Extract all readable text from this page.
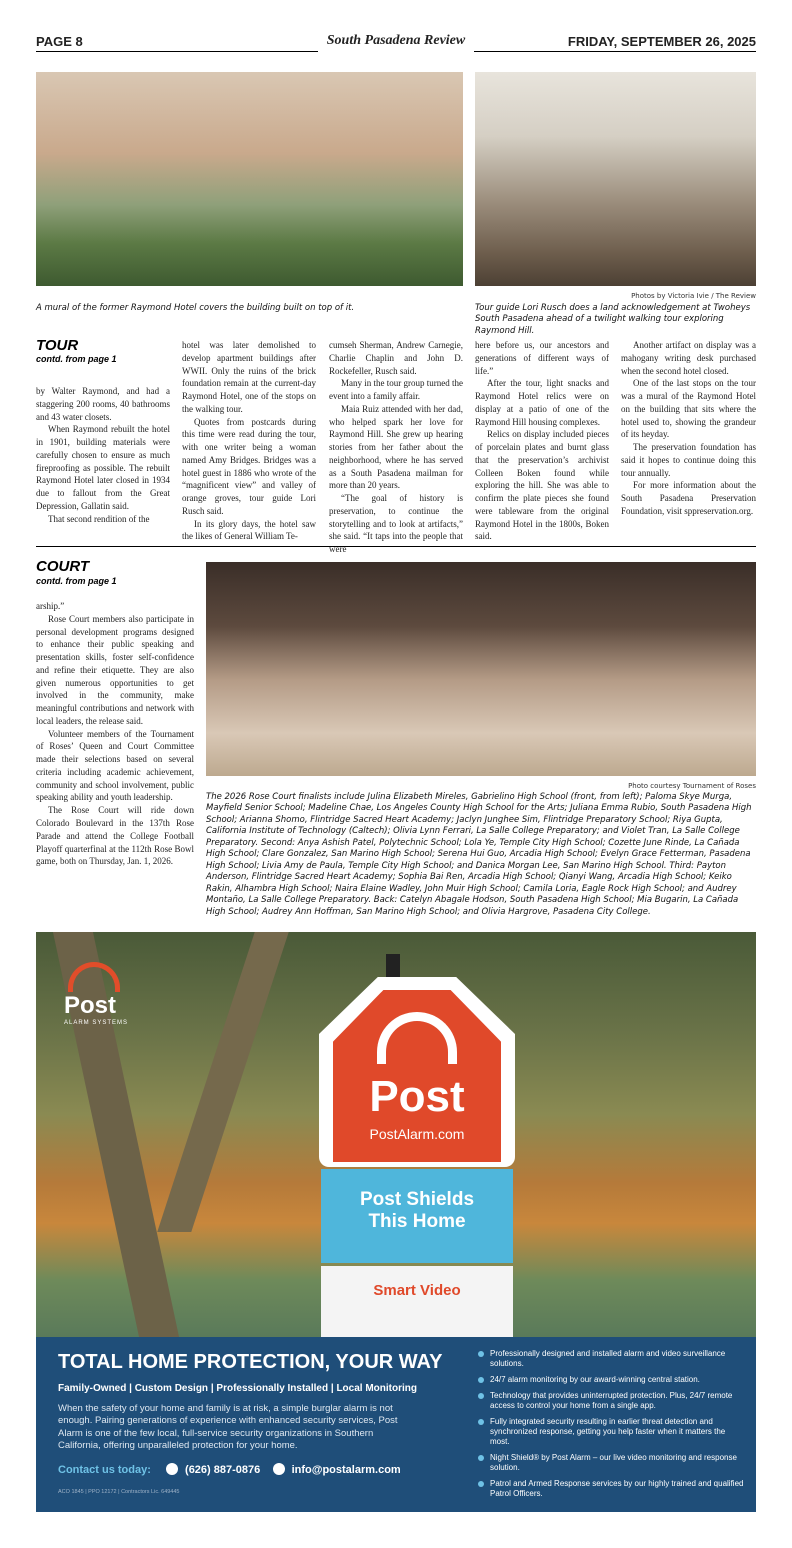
PAGE 8	South Pasadena Review	FRIDAY, SEPTEMBER 26, 2025
A mural of the former Raymond Hotel covers the building built on top of it.
Photos by Victoria Ivie / The Review
Tour guide Lori Rusch does a land acknowledgement at Twoheys South Pasadena ahead of a twilight walking tour exploring Raymond Hill.
TOUR
contd. from page 1

by Walter Raymond, and had a staggering 200 rooms, 40 bathrooms and 43 water closets.

When Raymond rebuilt the hotel in 1901, building materials were carefully chosen to ensure as much fireproofing as possible. The rebuilt Raymond Hotel later closed in 1934 due to fallout from the Great Depression, Gallatin said.

That second rendition of the

hotel was later demolished to develop apartment buildings after WWII. Only the ruins of the brick foundation remain at the current-day Raymond Hotel, one of the stops on the walking tour.

Quotes from postcards during this time were read during the tour, with one writer being a woman named Amy Bridges. Bridges was a hotel guest in 1886 who wrote of the “magnificent view” and valley of orange groves, tour guide Lori Rusch said.

In its glory days, the hotel saw the likes of General William Te-

cumseh Sherman, Andrew Carnegie, Charlie Chaplin and John D. Rockefeller, Rusch said.

Many in the tour group turned the event into a family affair.

Maia Ruiz attended with her dad, who helped spark her love for Raymond Hill. She grew up hearing stories from her father about the neighborhood, where he has served as a South Pasadena mailman for more than 20 years.

“The goal of history is preservation, to continue the storytelling and to look at artifacts,” she said. “It taps into the people that were

here before us, our ancestors and generations of different ways of life.”

After the tour, light snacks and Raymond Hotel relics were on display at a patio of one of the Raymond Hill housing complexes.

Relics on display included pieces of porcelain plates and burnt glass that the preservation’s archivist Colleen Boken found while exploring the hill. She was able to confirm the plate pieces she found were tableware from the original Raymond Hotel in the 1800s, Boken said.

Another artifact on display was a mahogany writing desk purchased when the second hotel closed.

One of the last stops on the tour was a mural of the Raymond Hotel on the building that sits where the hotel used to, showing the grandeur of its heyday.

The preservation foundation has said it hopes to continue doing this tour annually.

For more information about the South Pasadena Preservation Foundation, visit sppreservation.org.

COURT
contd. from page 1

arship.”

Rose Court members also participate in personal development programs designed to enhance their public speaking and presentation skills, foster self-confidence and refine their etiquette. They are also given numerous opportunities to get involved in the community, make meaningful contributions and network with local leaders, the release said.

Volunteer members of the Tournament of Roses’ Queen and Court Committee made their selections based on several criteria including academic achievement, community and school involvement, public speaking ability and youth leadership.

The Rose Court will ride down Colorado Boulevard in the 137th Rose Parade and attend the College Football Playoff quarterfinal at the 112th Rose Bowl game, both on Thursday, Jan. 1, 2026.

Photo courtesy Tournament of Roses
The 2026 Rose Court finalists include Julina Elizabeth Mireles, Gabrielino High School (front, from left); Paloma Skye Murga, Mayfield Senior School; Madeline Chae, Los Angeles County High School for the Arts; Juliana Emma Rubio, South Pasadena High School; Arianna Shomo, Flintridge Sacred Heart Academy; Jaclyn Junghee Sim, Flintridge Preparatory School; Riya Gupta, California Institute of Technology (Caltech); Olivia Lynn Ferrari, La Salle College Preparatory; and Violet Tran, La Salle College Preparatory. Second: Anya Ashish Patel, Polytechnic School; Lola Ye, Temple City High School; Cozette June Rinde, La Cañada High School; Clare Gonzalez, San Marino High School; Serena Hui Guo, Arcadia High School; Evelyn Grace Fetterman, Pasadena High School; Livia Amy de Paula, Temple City High School; and Danica Morgan Lee, San Marino High School. Third: Payton Anderson, Flintridge Sacred Heart Academy; Sophia Bai Ren, Arcadia High School; Qianyi Wang, Arcadia High School; Keiko Rakin, Alhambra High School; Naira Elaine Wadley, John Muir High School; Camila Loria, Eagle Rock High School; and Audrey Montaño, La Salle College Preparatory. Back: Catelyn Abagale Hodson, South Pasadena High School; Mia Bugarin, La Cañada High School; Audrey Ann Hoffman, San Marino High School; and Olivia Hargrove, Pasadena City College.
Post
ALARM SYSTEMS
Post
PostAlarm.com
Post Shields
This Home
Smart Video
TOTAL HOME PROTECTION, YOUR WAY
Family-Owned | Custom Design | Professionally Installed | Local Monitoring
When the safety of your home and family is at risk, a simple burglar alarm is not enough. Pairing generations of experience with enhanced security services, Post Alarm is one of the few local, full-service security organizations in Southern California, offering unparalleled protection for your home.
Contact us today:	(626) 887-0876	info@postalarm.com
ACO 1845 | PPO 12172 | Contractors Lic. 649445
Professionally designed and installed alarm and video surveillance solutions.
24/7 alarm monitoring by our award-winning central station.
Technology that provides uninterrupted protection. Plus, 24/7 remote access to control your home from a single app.
Fully integrated security resulting in earlier threat detection and synchronized response, getting you help faster when it matters the most.
Night Shield® by Post Alarm – our live video monitoring and response solution.
Patrol and Armed Response services by our highly trained and qualified Patrol Officers.
